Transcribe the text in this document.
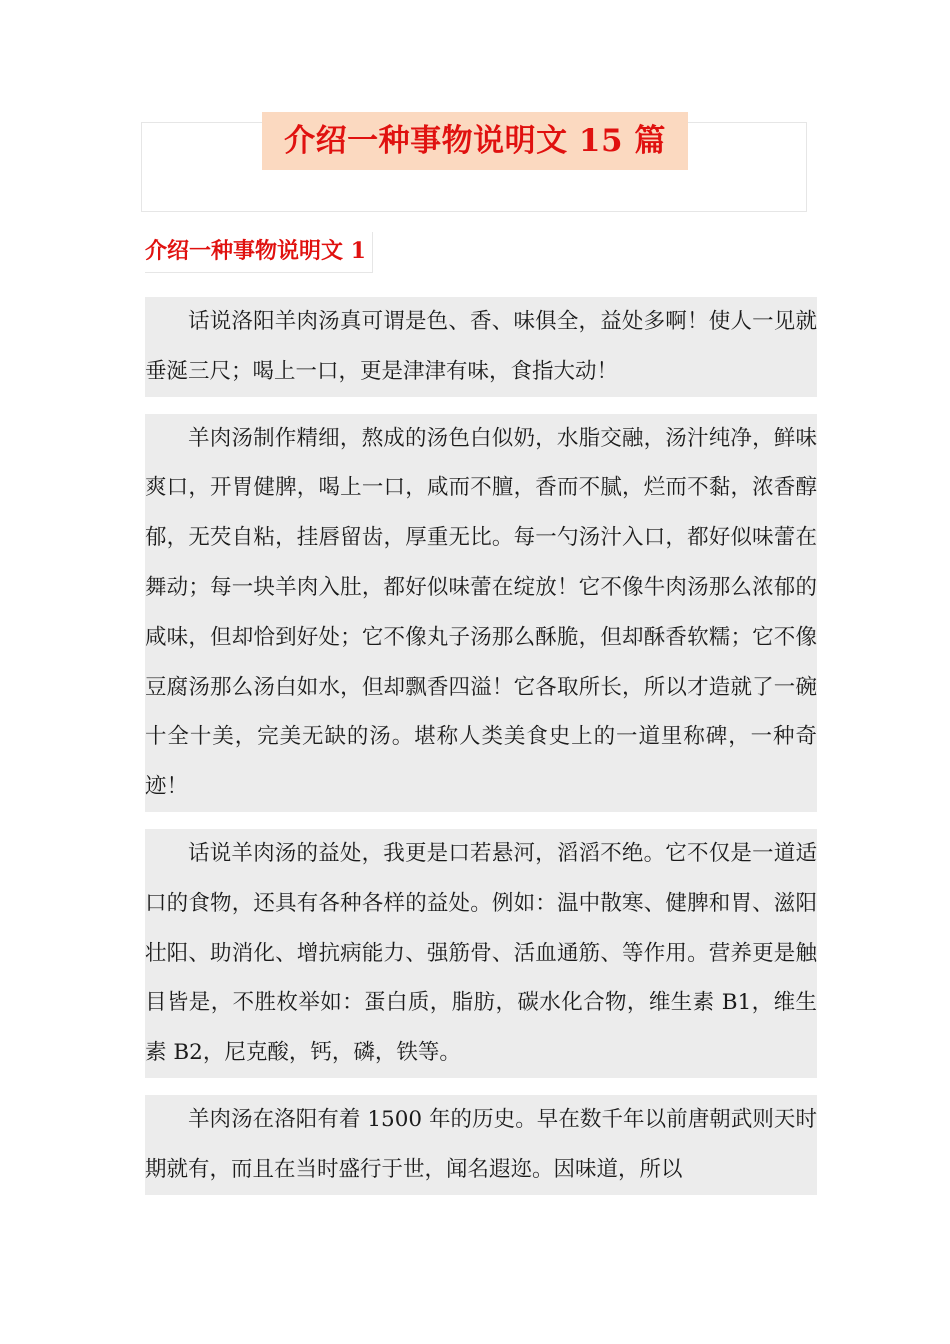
介绍一种事物说明文 15 篇
介绍一种事物说明文 1

话说洛阳羊肉汤真可谓是色、香、味俱全，益处多啊！使人一见就垂涎三尺；喝上一口，更是津津有味，食指大动！

羊肉汤制作精细，熬成的汤色白似奶，水脂交融，汤汁纯净，鲜味爽口，开胃健脾，喝上一口，咸而不膻，香而不腻，烂而不黏，浓香醇郁，无芡自粘，挂唇留齿，厚重无比。每一勺汤汁入口，都好似味蕾在舞动；每一块羊肉入肚，都好似味蕾在绽放！它不像牛肉汤那么浓郁的咸味，但却恰到好处；它不像丸子汤那么酥脆，但却酥香软糯；它不像豆腐汤那么汤白如水，但却飘香四溢！它各取所长，所以才造就了一碗十全十美，完美无缺的汤。堪称人类美食史上的一道里称碑，一种奇迹！

话说羊肉汤的益处，我更是口若悬河，滔滔不绝。它不仅是一道适口的食物，还具有各种各样的益处。例如：温中散寒、健脾和胃、滋阳壮阳、助消化、增抗病能力、强筋骨、活血通筋、等作用。营养更是触目皆是，不胜枚举如：蛋白质，脂肪，碳水化合物，维生素 B1，维生素 B2，尼克酸，钙，磷，铁等。

羊肉汤在洛阳有着 1500 年的历史。早在数千年以前唐朝武则天时期就有，而且在当时盛行于世，闻名遐迩。因味道，所以
